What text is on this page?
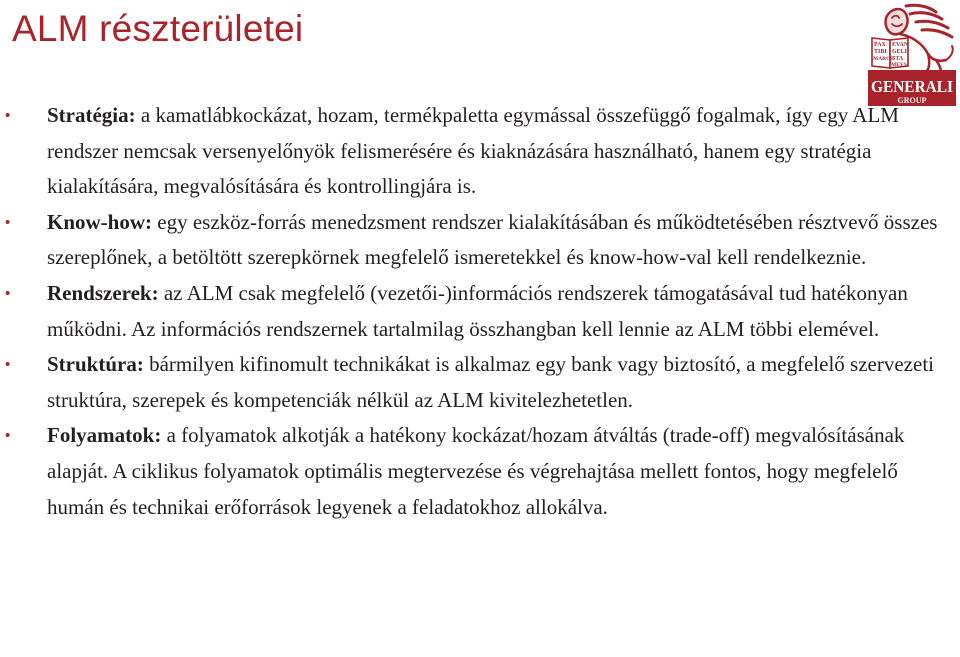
ALM részterületei	PAX
TIBI
MARCE
EVAN
GELI
STA
MEVS
GENERALI
GROUP
• Stratégia: a kamatlábkockázat, hozam, termékpaletta egymással összefüggő fogalmak, így egy ALM rendszer nemcsak versenyelőnyök felismerésére és kiaknázására használható, hanem egy stratégia kialakítására, megvalósítására és kontrollingjára is.
• Know-how: egy eszköz-forrás menedzsment rendszer kialakításában és működtetésében résztvevő összes szereplőnek, a betöltött szerepkörnek megfelelő ismeretekkel és know-how-val kell rendelkeznie.
• Rendszerek: az ALM csak megfelelő (vezetői-)információs rendszerek támogatásával tud hatékonyan működni. Az információs rendszernek tartalmilag összhangban kell lennie az ALM többi elemével.
• Struktúra: bármilyen kifinomult technikákat is alkalmaz egy bank vagy biztosító, a megfelelő szervezeti struktúra, szerepek és kompetenciák nélkül az ALM kivitelezhetetlen.
• Folyamatok: a folyamatok alkotják a hatékony kockázat/hozam átváltás (trade-off) megvalósításának alapját. A ciklikus folyamatok optimális megtervezése és végrehajtása mellett fontos, hogy megfelelő humán és technikai erőforrások legyenek a feladatokhoz allokálva.
